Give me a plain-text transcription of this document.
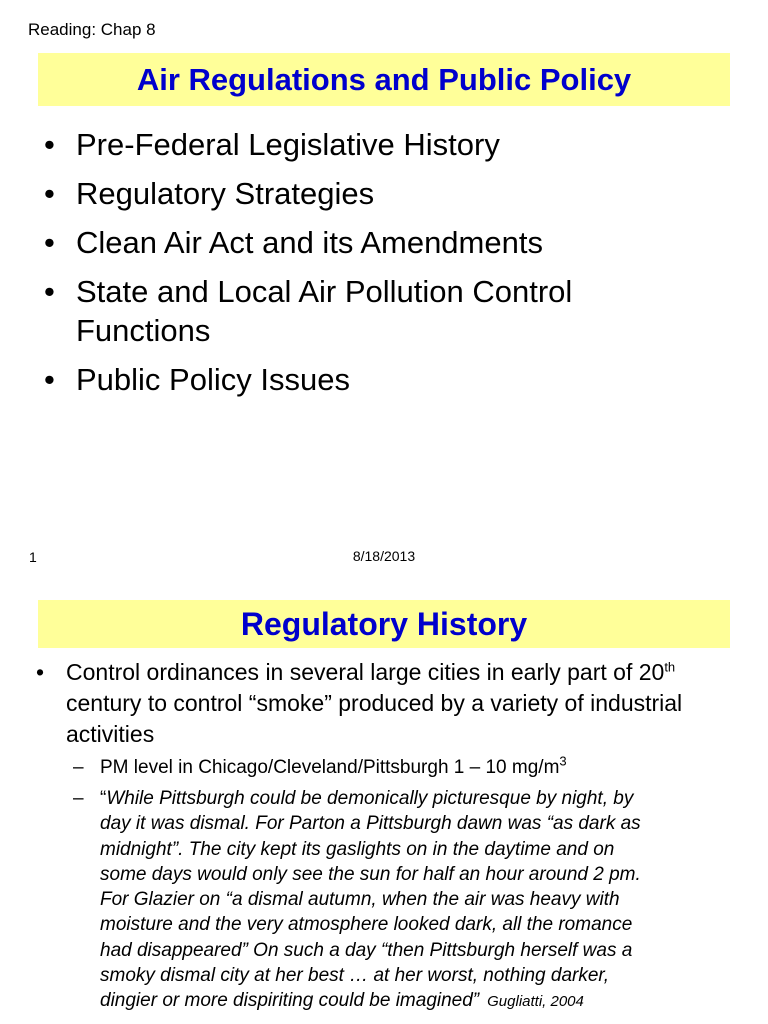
Reading: Chap 8
Air Regulations and Public Policy
• Pre-Federal Legislative History
• Regulatory Strategies
• Clean Air Act and its Amendments
• State and Local Air Pollution Control
Functions
• Public Policy Issues
1	8/18/2013
Regulatory History
• Control ordinances in several large cities in early part of 20th century to control “smoke” produced by a variety of industrial activities
– PM level in Chicago/Cleveland/Pittsburgh 1 – 10 $mg/m^3$
– “While Pittsburgh could be demonically picturesque by night, by
day it was dismal. For Parton a Pittsburgh dawn was “as dark as
midnight”. The city kept its gaslights on in the daytime and on
some days would only see the sun for half an hour around 2 pm.
For Glazier on “a dismal autumn, when the air was heavy with
moisture and the very atmosphere looked dark, all the romance
had disappeared” On such a day “then Pittsburgh herself was a
smoky dismal city at her best … at her worst, nothing darker,
dingier or more dispiriting could be imagined” Gugliatti, 2004
